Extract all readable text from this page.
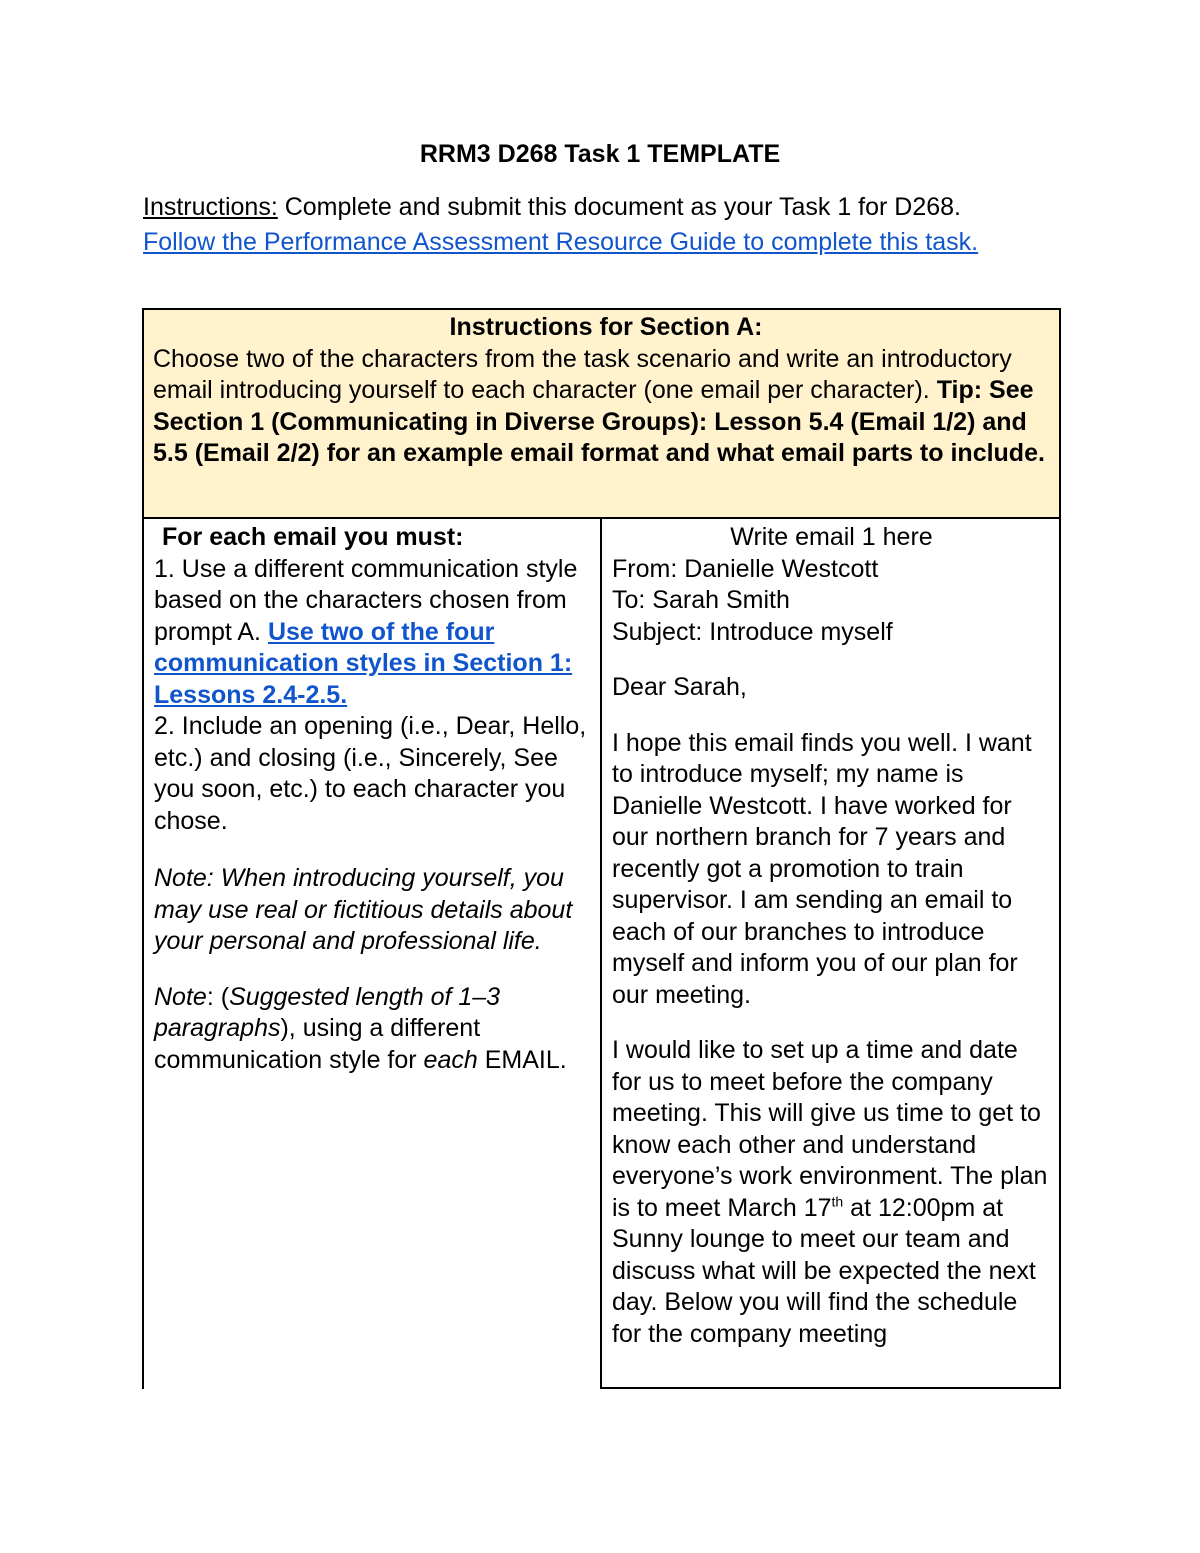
RRM3 D268 Task 1 TEMPLATE
Instructions: Complete and submit this document as your Task 1 for D268.
Follow the Performance Assessment Resource Guide to complete this task.
Instructions for Section A:
Choose two of the characters from the task scenario and write an introductory email introducing yourself to each character (one email per character). Tip: See Section 1 (Communicating in Diverse Groups): Lesson 5.4 (Email 1/2) and 5.5 (Email 2/2) for an example email format and what email parts to include.

For each email you must:

1. Use a different communication style based on the characters chosen from prompt A. Use two of the four communication styles in Section 1: Lessons 2.4-2.5.

2. Include an opening (i.e., Dear, Hello, etc.) and closing (i.e., Sincerely, See you soon, etc.) to each character you chose.

Note: When introducing yourself, you may use real or fictitious details about your personal and professional life.

Note: (Suggested length of 1–3 paragraphs), using a different communication style for each EMAIL.

Write email 1 here

From: Danielle Westcott

To: Sarah Smith

Subject: Introduce myself

Dear Sarah,

I hope this email finds you well. I want to introduce myself; my name is Danielle Westcott. I have worked for our northern branch for 7 years and recently got a promotion to train supervisor. I am sending an email to each of our branches to introduce myself and inform you of our plan for our meeting.

I would like to set up a time and date for us to meet before the company meeting. This will give us time to get to know each other and understand everyone’s work environment. The plan is to meet March 17th at 12:00pm at Sunny lounge to meet our team and discuss what will be expected the next day. Below you will find the schedule for the company meeting
